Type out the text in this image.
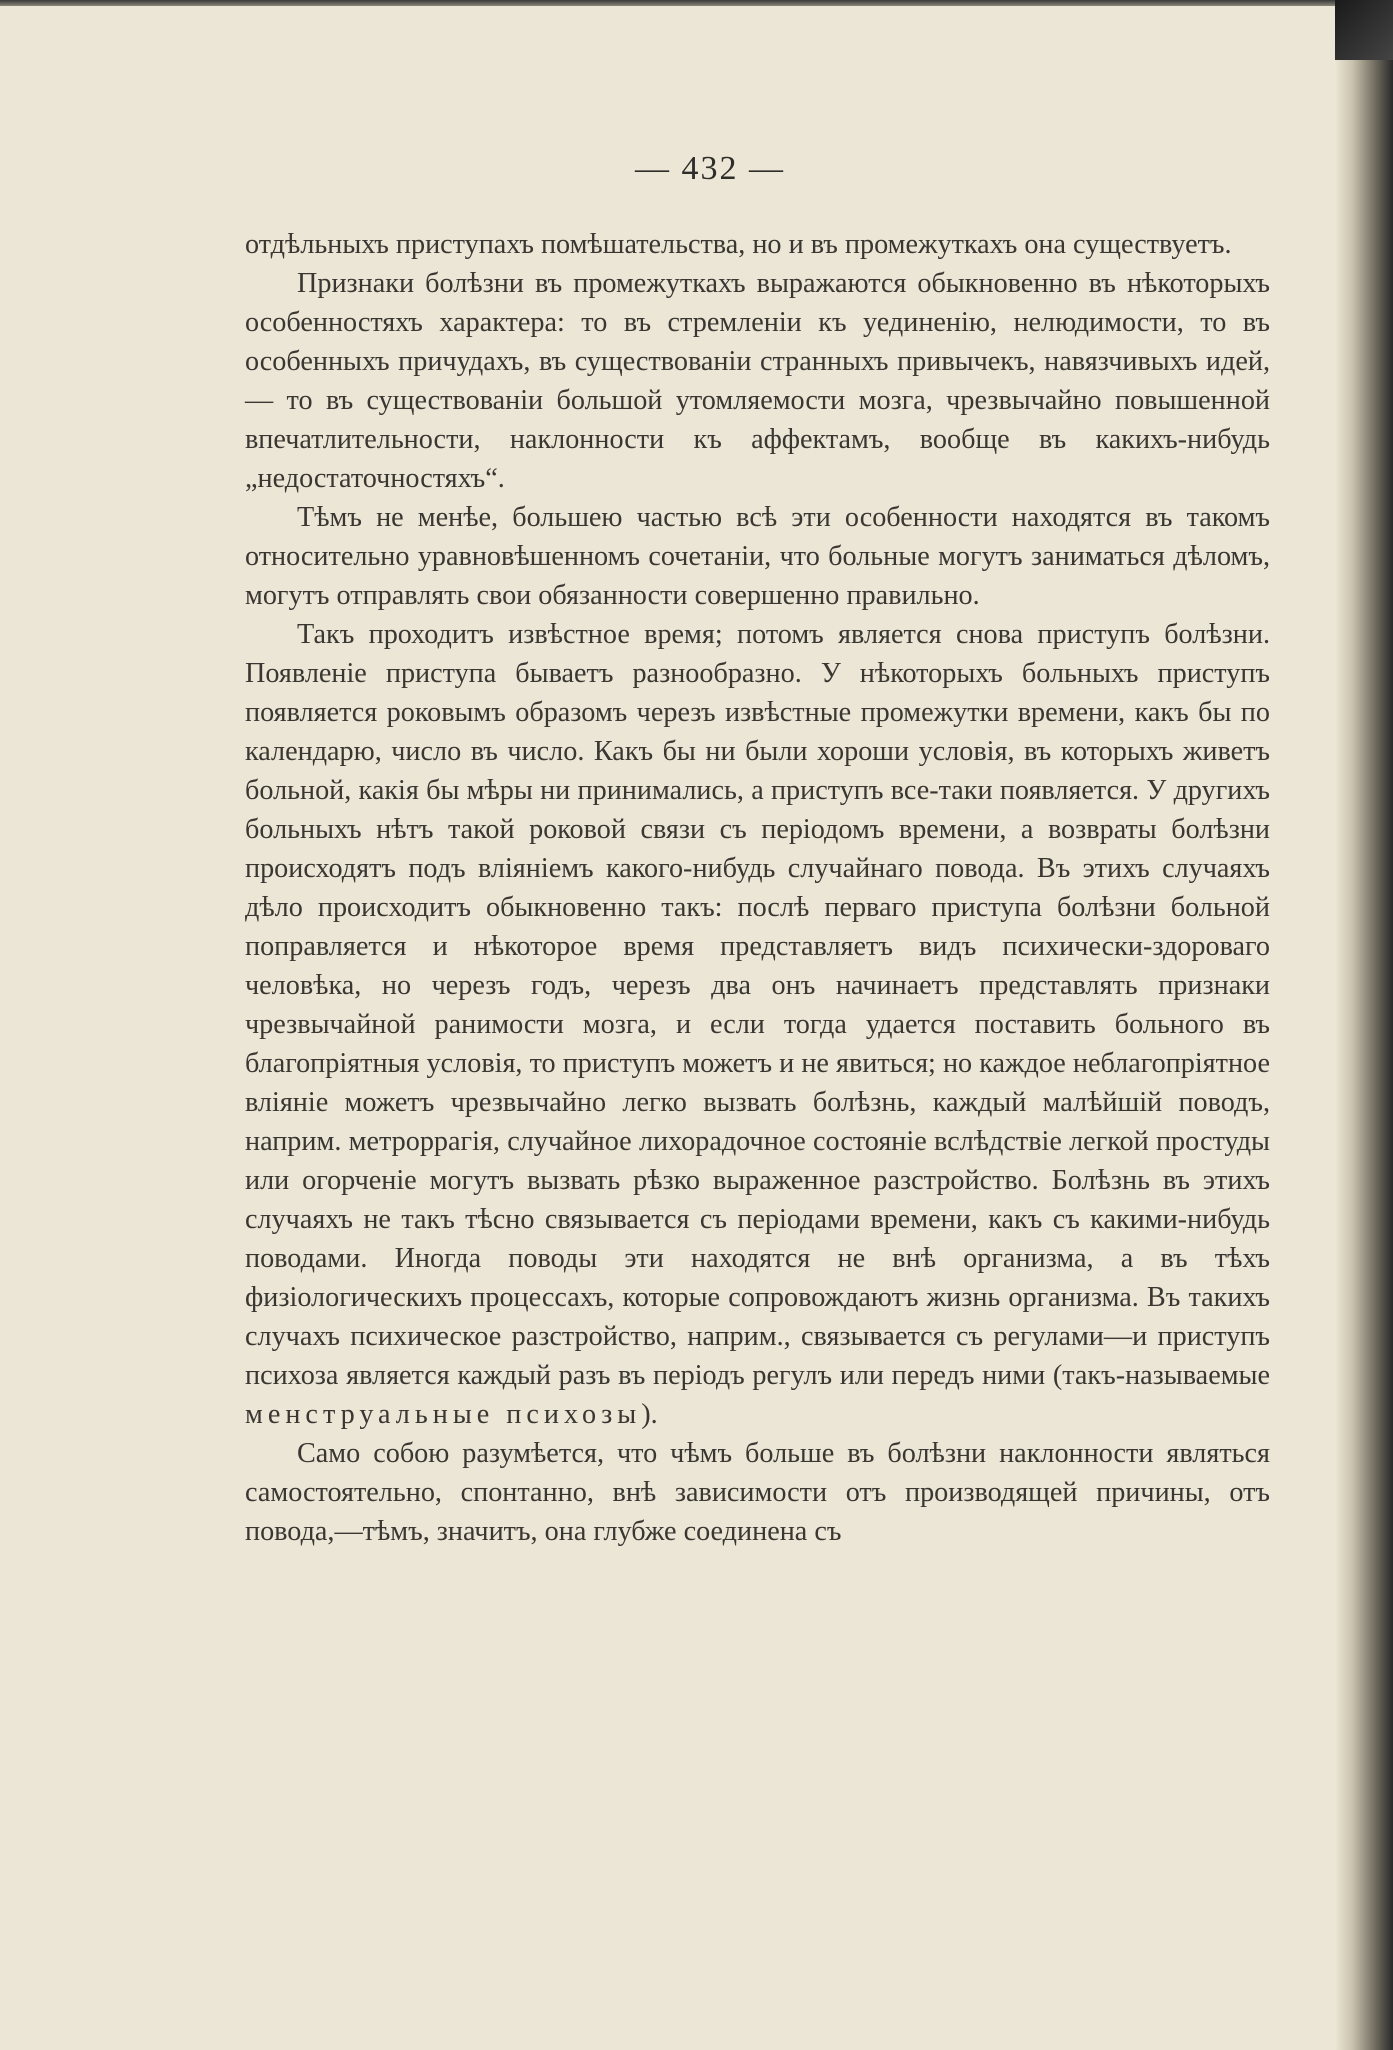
— 432 —

отдѣльныхъ приступахъ помѣшательства, но и въ промежуткахъ она существуетъ.

Признаки болѣзни въ промежуткахъ выражаются обыкновенно въ нѣкоторыхъ особенностяхъ характера: то въ стремленіи къ уединенію, нелюдимости, то въ особенныхъ причудахъ, въ существованіи странныхъ привычекъ, навязчивыхъ идей, — то въ существованіи большой утомляемости мозга, чрезвычайно повышенной впечатлительности, наклонности къ аффектамъ, вообще въ какихъ-нибудь „недостаточностяхъ“.

Тѣмъ не менѣе, большею частью всѣ эти особенности находятся въ такомъ относительно уравновѣшенномъ сочетаніи, что больные могутъ заниматься дѣломъ, могутъ отправлять свои обязанности совершенно правильно.

Такъ проходитъ извѣстное время; потомъ является снова приступъ болѣзни. Появленіе приступа бываетъ разнообразно. У нѣкоторыхъ больныхъ приступъ появляется роковымъ образомъ черезъ извѣстные промежутки времени, какъ бы по календарю, число въ число. Какъ бы ни были хороши условія, въ которыхъ живетъ больной, какія бы мѣры ни принимались, а приступъ все-таки появляется. У другихъ больныхъ нѣтъ такой роковой связи съ періодомъ времени, а возвраты болѣзни происходятъ подъ вліяніемъ какого-нибудь случайнаго повода. Въ этихъ случаяхъ дѣло происходитъ обыкновенно такъ: послѣ перваго приступа болѣзни больной поправляется и нѣкоторое время представляетъ видъ психически-здороваго человѣка, но черезъ годъ, черезъ два онъ начинаетъ представлять признаки чрезвычайной ранимости мозга, и если тогда удается поставить больного въ благопріятныя условія, то приступъ можетъ и не явиться; но каждое неблагопріятное вліяніе можетъ чрезвычайно легко вызвать болѣзнь, каждый малѣйшій поводъ, наприм. метроррагія, случайное лихорадочное состояніе вслѣдствіе легкой простуды или огорченіе могутъ вызвать рѣзко выраженное разстройство. Болѣзнь въ этихъ случаяхъ не такъ тѣсно связывается съ періодами времени, какъ съ какими-нибудь поводами. Иногда поводы эти находятся не внѣ организма, а въ тѣхъ физіологическихъ процессахъ, которые сопровождаютъ жизнь организма. Въ такихъ случахъ психическое разстройство, наприм., связывается съ регулами—и приступъ психоза является каждый разъ въ періодъ регулъ или передъ ними (такъ-называемые менструальные психозы).

Само собою разумѣется, что чѣмъ больше въ болѣзни наклонности являться самостоятельно, спонтанно, внѣ зависимости отъ производящей причины, отъ повода,—тѣмъ, значитъ, она глубже соединена съ
